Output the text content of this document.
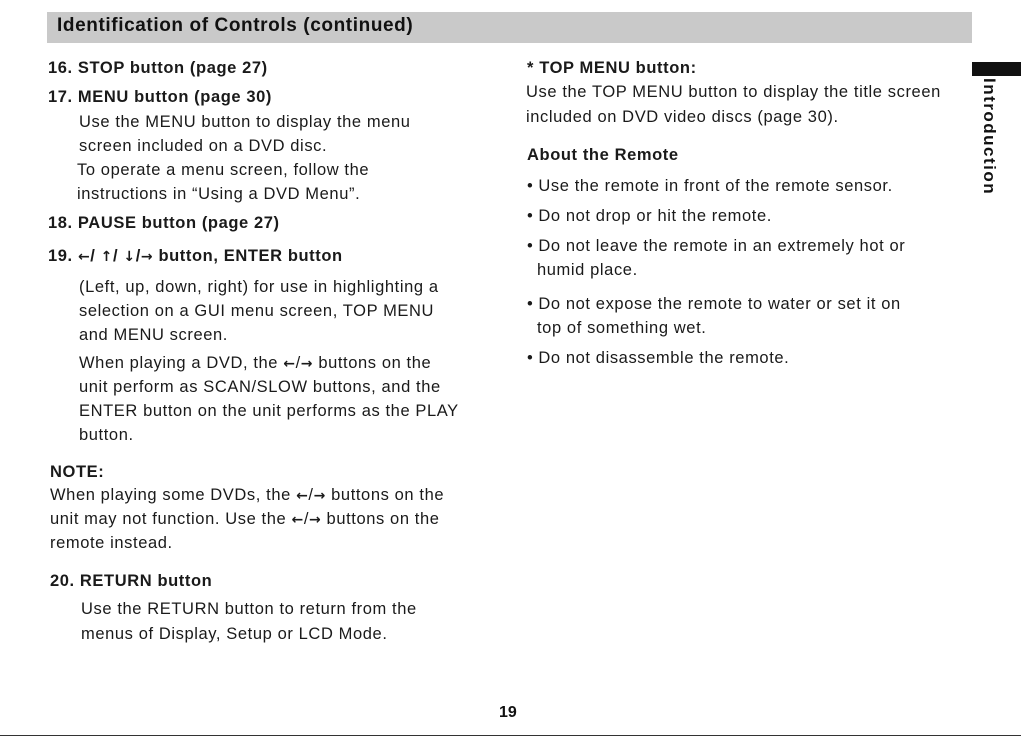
Identification of Controls (continued)
Introduction
16. STOP button (page 27)
17. MENU button (page 30)
Use the MENU button to display the menu
screen included on a DVD disc.
To operate a menu screen, follow the
instructions in “Using a DVD Menu”.
18. PAUSE button (page 27)
19. ←/ ↑/ ↓/→ button, ENTER button
(Left, up, down, right) for use in highlighting a
selection on a GUI menu screen, TOP MENU
and MENU screen.
When playing a DVD, the ←/→ buttons on the
unit perform as SCAN/SLOW buttons, and the
ENTER button on the unit performs as the PLAY
button.
NOTE:
When playing some DVDs, the ←/→ buttons on the
unit may not function. Use the ←/→ buttons on the
remote instead.
20. RETURN button
Use the RETURN button to return from the
menus of Display, Setup or LCD Mode.
* TOP MENU button:
Use the TOP MENU button to display the title screen
included on DVD video discs (page 30).
About the Remote
• Use the remote in front of the remote sensor.
• Do not drop or hit the remote.
• Do not leave the remote in an extremely hot or
humid place.
• Do not expose the remote to water or set it on
top of something wet.
• Do not disassemble the remote.
19
